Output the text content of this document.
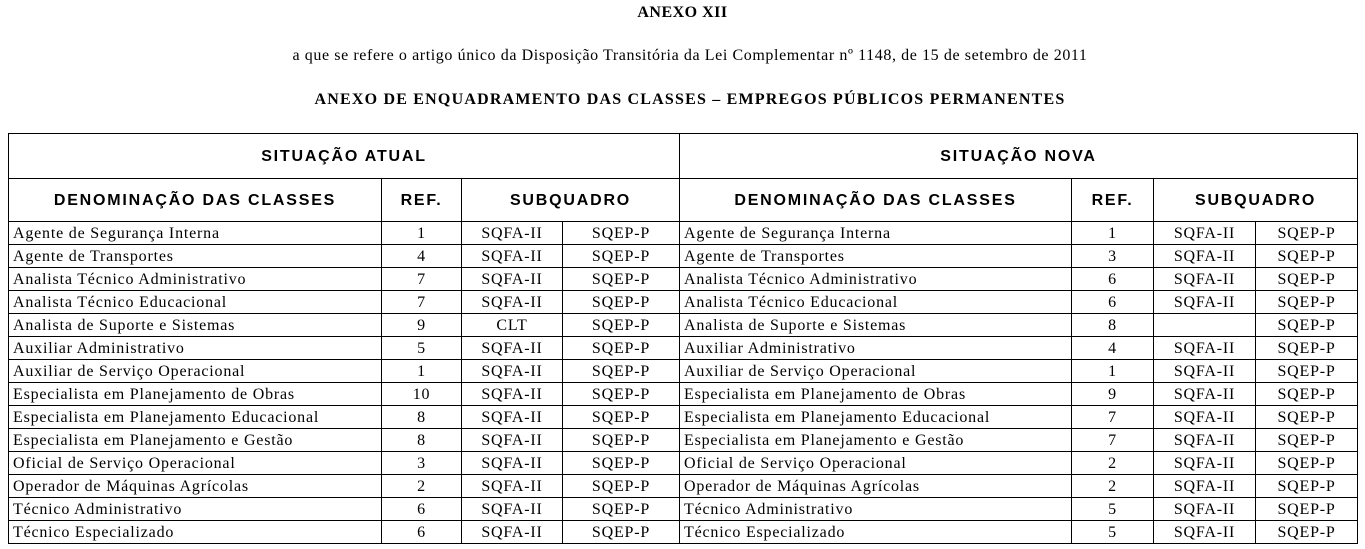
ANEXO XII
a que se refere o artigo único da Disposição Transitória da Lei Complementar nº 1148, de 15 de setembro de 2011
ANEXO DE ENQUADRAMENTO DAS CLASSES – EMPREGOS PÚBLICOS PERMANENTES
SITUAÇÃO ATUAL				SITUAÇÃO NOVA			
DENOMINAÇÃO DAS CLASSES	REF.	SUBQUADRO		DENOMINAÇÃO DAS CLASSES	REF.	SUBQUADRO	
Agente de Segurança Interna	1	SQFA-II	SQEP-P	Agente de Segurança Interna	1	SQFA-II	SQEP-P
Agente de Transportes	4	SQFA-II	SQEP-P	Agente de Transportes	3	SQFA-II	SQEP-P
Analista Técnico Administrativo	7	SQFA-II	SQEP-P	Analista Técnico Administrativo	6	SQFA-II	SQEP-P
Analista Técnico Educacional	7	SQFA-II	SQEP-P	Analista Técnico Educacional	6	SQFA-II	SQEP-P
Analista de Suporte e Sistemas	9	CLT	SQEP-P	Analista de Suporte e Sistemas	8		SQEP-P
Auxiliar Administrativo	5	SQFA-II	SQEP-P	Auxiliar Administrativo	4	SQFA-II	SQEP-P
Auxiliar de Serviço Operacional	1	SQFA-II	SQEP-P	Auxiliar de Serviço Operacional	1	SQFA-II	SQEP-P
Especialista em Planejamento de Obras	10	SQFA-II	SQEP-P	Especialista em Planejamento de Obras	9	SQFA-II	SQEP-P
Especialista em Planejamento Educacional	8	SQFA-II	SQEP-P	Especialista em Planejamento Educacional	7	SQFA-II	SQEP-P
Especialista em Planejamento e Gestão	8	SQFA-II	SQEP-P	Especialista em Planejamento e Gestão	7	SQFA-II	SQEP-P
Oficial de Serviço Operacional	3	SQFA-II	SQEP-P	Oficial de Serviço Operacional	2	SQFA-II	SQEP-P
Operador de Máquinas Agrícolas	2	SQFA-II	SQEP-P	Operador de Máquinas Agrícolas	2	SQFA-II	SQEP-P
Técnico Administrativo	6	SQFA-II	SQEP-P	Técnico Administrativo	5	SQFA-II	SQEP-P
Técnico Especializado	6	SQFA-II	SQEP-P	Técnico Especializado	5	SQFA-II	SQEP-P
